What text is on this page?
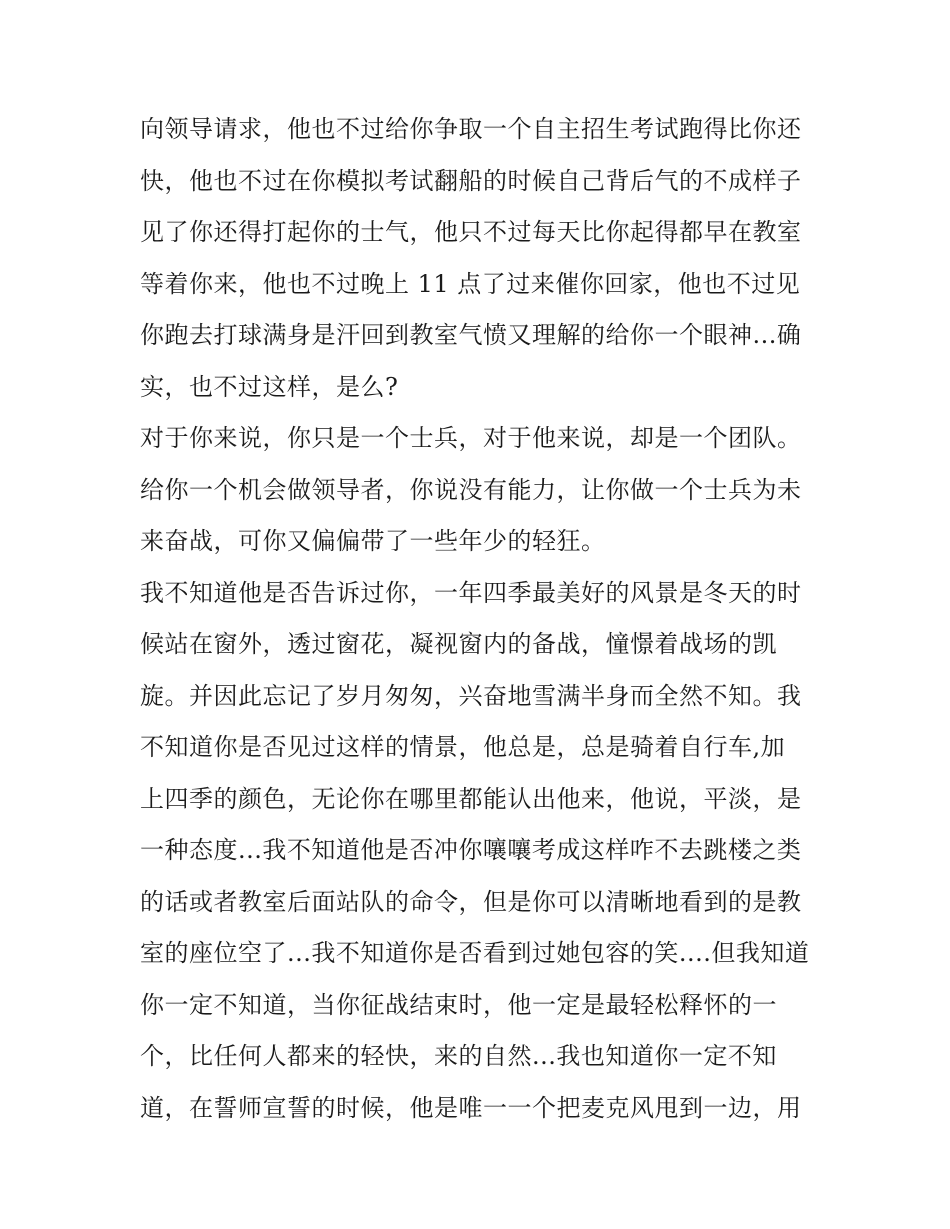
向领导请求，他也不过给你争取一个自主招生考试跑得比你还
快，他也不过在你模拟考试翻船的时候自己背后气的不成样子
见了你还得打起你的士气，他只不过每天比你起得都早在教室
等着你来，他也不过晚上 11 点了过来催你回家，他也不过见
你跑去打球满身是汗回到教室气愤又理解的给你一个眼神...确
实，也不过这样，是么?
对于你来说，你只是一个士兵，对于他来说，却是一个团队。
给你一个机会做领导者，你说没有能力，让你做一个士兵为未
来奋战，可你又偏偏带了一些年少的轻狂。
我不知道他是否告诉过你，一年四季最美好的风景是冬天的时
候站在窗外，透过窗花，凝视窗内的备战，憧憬着战场的凯
旋。并因此忘记了岁月匆匆，兴奋地雪满半身而全然不知。我
不知道你是否见过这样的情景，他总是，总是骑着自行车,加
上四季的颜色，无论你在哪里都能认出他来，他说，平淡，是
一种态度...我不知道他是否冲你嚷嚷考成这样咋不去跳楼之类
的话或者教室后面站队的命令，但是你可以清晰地看到的是教
室的座位空了...我不知道你是否看到过她包容的笑....但我知道
你一定不知道，当你征战结束时，他一定是最轻松释怀的一
个，比任何人都来的轻快，来的自然...我也知道你一定不知
道，在誓师宣誓的时候，他是唯一一个把麦克风甩到一边，用
